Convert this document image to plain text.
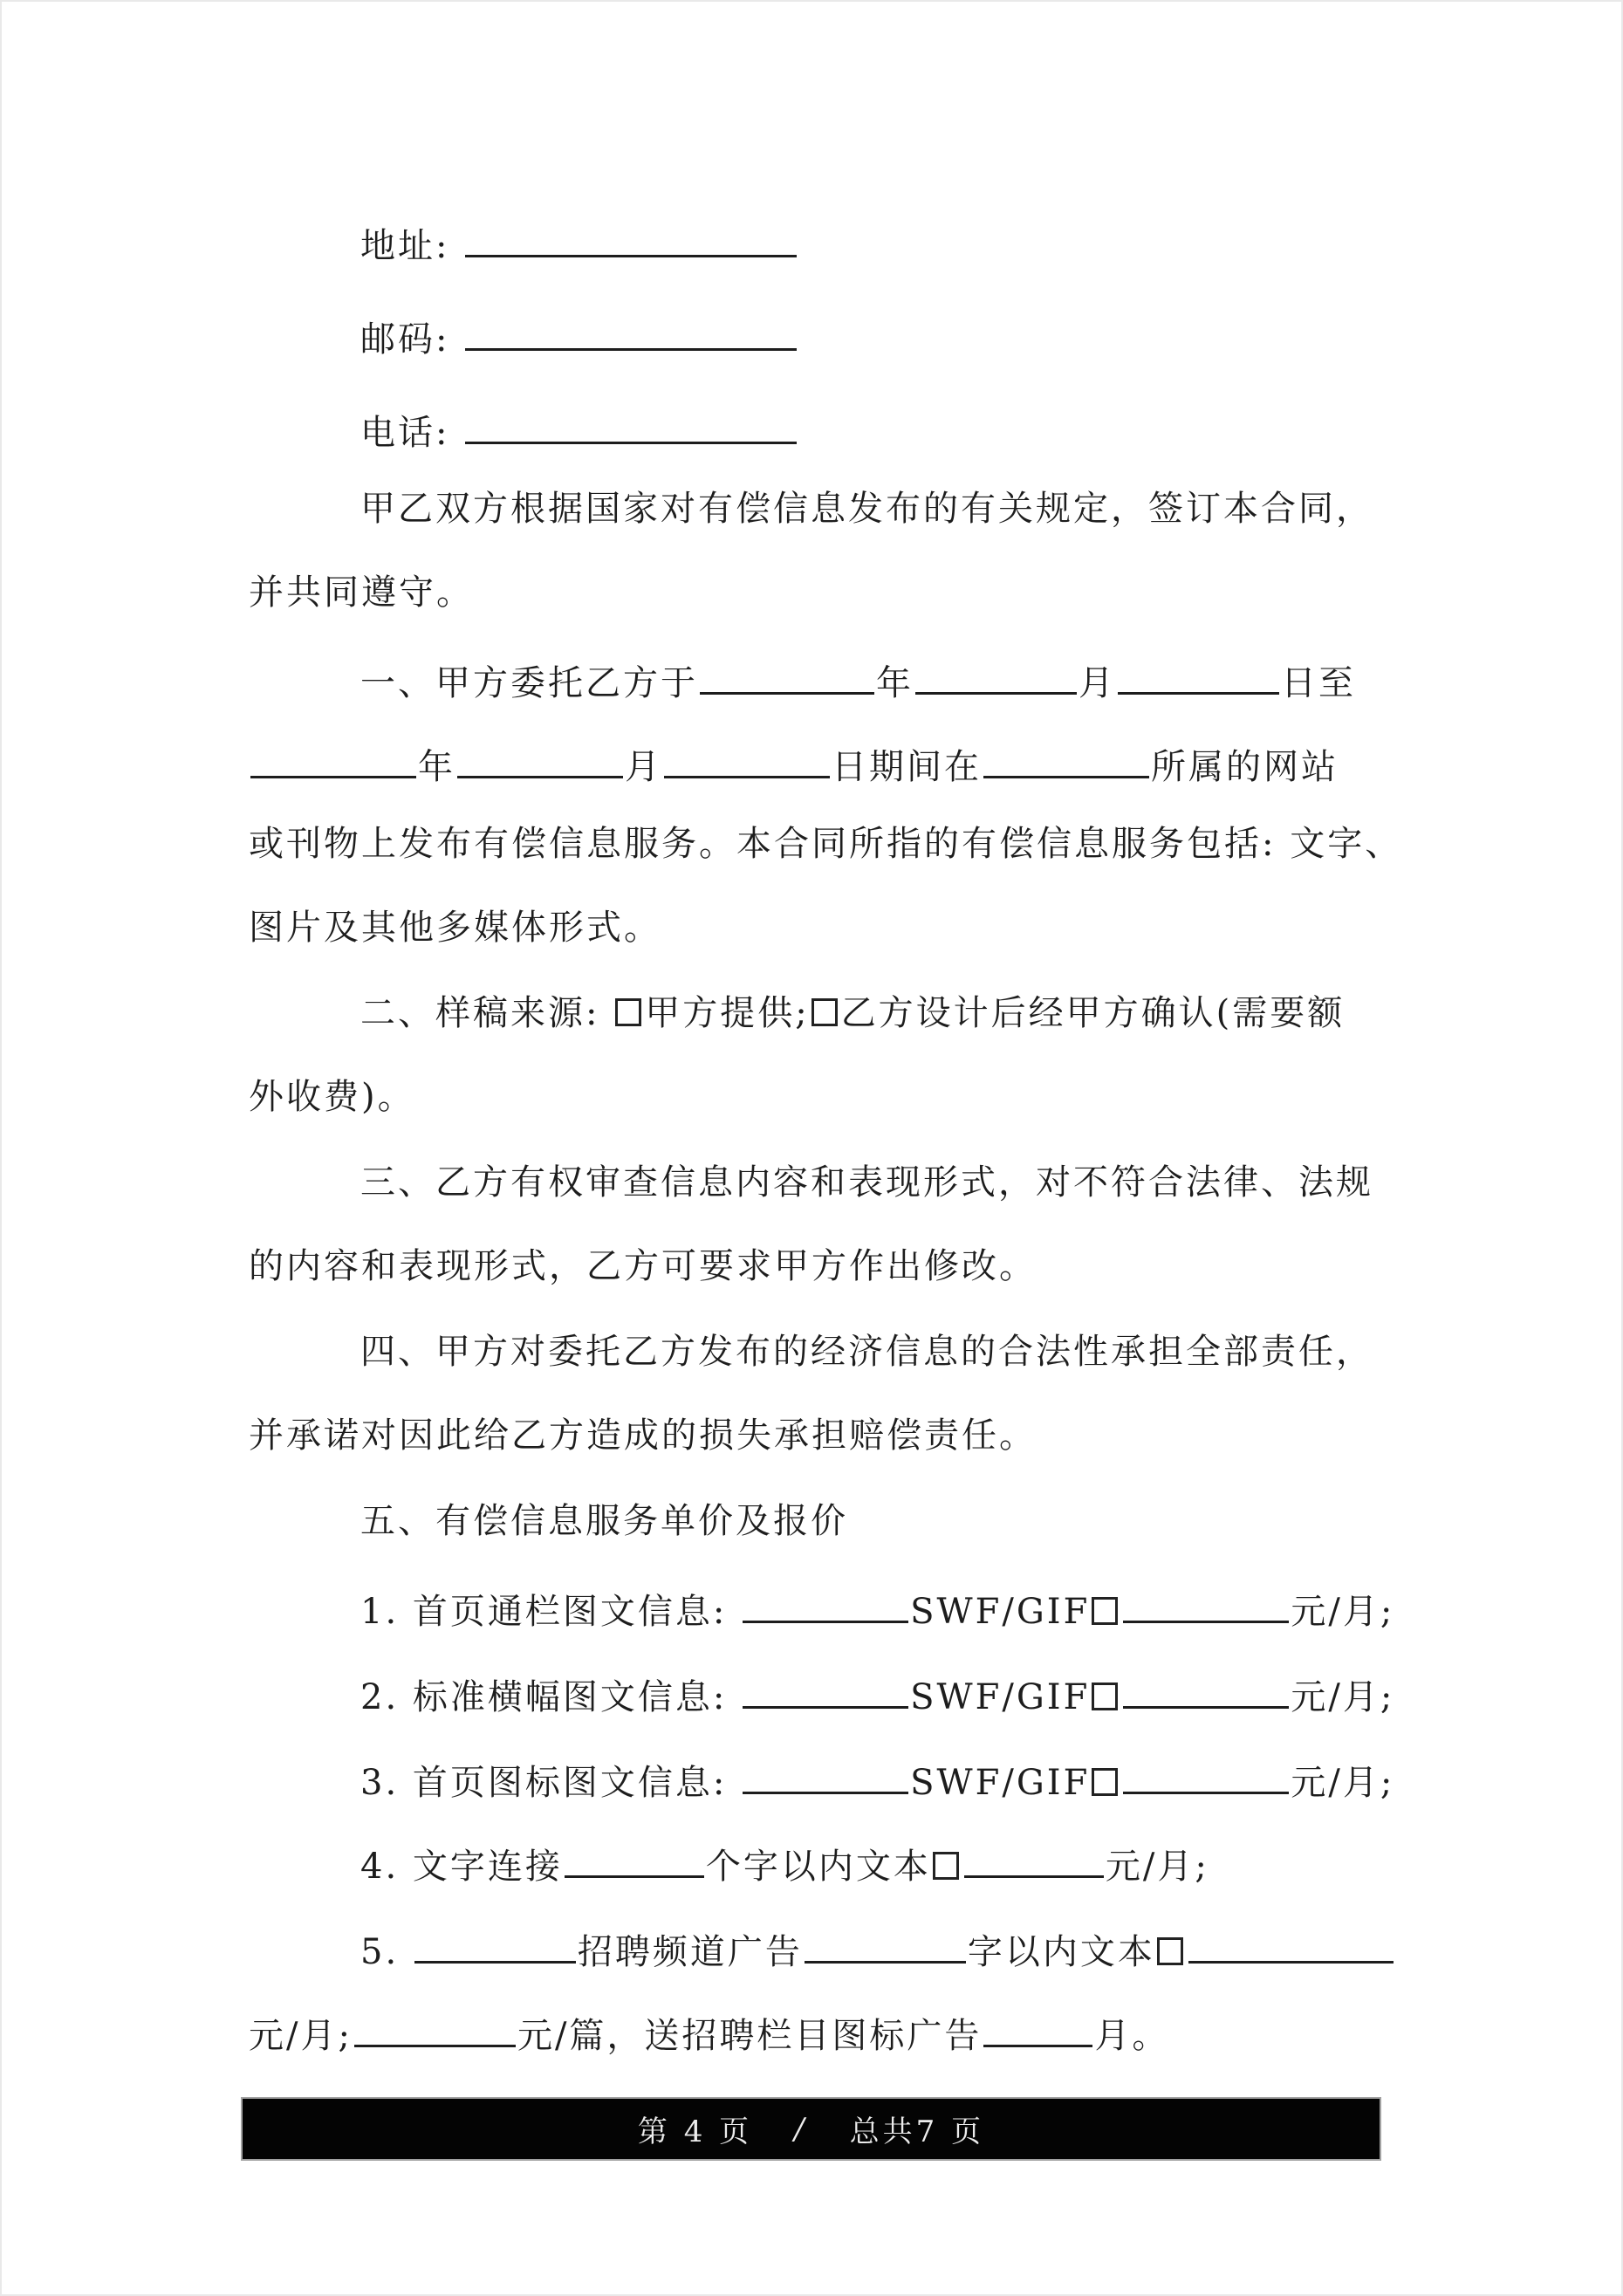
地址:
邮码:
电话:
甲乙双方根据国家对有偿信息发布的有关规定，签订本合同，
并共同遵守。
一、甲方委托乙方于	年	月	日至
年	月	日期间在	所属的网站
或刊物上发布有偿信息服务。本合同所指的有偿信息服务包括: 文字、
图片及其他多媒体形式。
二、样稿来源: 甲方提供; 乙方设计后经甲方确认(需要额
外收费)。
三、乙方有权审查信息内容和表现形式，对不符合法律、法规
的内容和表现形式，乙方可要求甲方作出修改。
四、甲方对委托乙方发布的经济信息的合法性承担全部责任，
并承诺对因此给乙方造成的损失承担赔偿责任。
五、有偿信息服务单价及报价
1. 首页通栏图文信息:	SWF/GIF	元/月;
2. 标准横幅图文信息:	SWF/GIF	元/月;
3. 首页图标图文信息:	SWF/GIF	元/月;
4. 文字连接	个字以内文本	元/月;
5.	招聘频道广告	字以内文本
元/月;	元/篇，送招聘栏目图标广告	月。
第 4 页 / 总共7 页
